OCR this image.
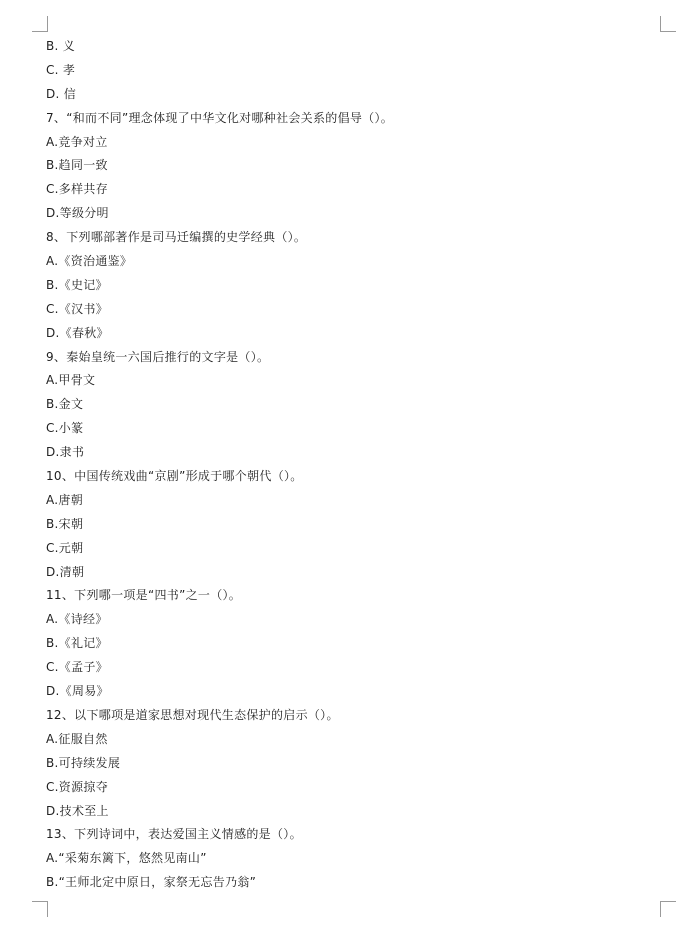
B. 义
C. 孝
D. 信
7、“和而不同”理念体现了中华文化对哪种社会关系的倡导（）。
A.竞争对立
B.趋同一致
C.多样共存
D.等级分明
8、下列哪部著作是司马迁编撰的史学经典（）。
A.《资治通鉴》
B.《史记》
C.《汉书》
D.《春秋》
9、秦始皇统一六国后推行的文字是（）。
A.甲骨文
B.金文
C.小篆
D.隶书
10、中国传统戏曲“京剧”形成于哪个朝代（）。
A.唐朝
B.宋朝
C.元朝
D.清朝
11、下列哪一项是“四书”之一（）。
A.《诗经》
B.《礼记》
C.《孟子》
D.《周易》
12、以下哪项是道家思想对现代生态保护的启示（）。
A.征服自然
B.可持续发展
C.资源掠夺
D.技术至上
13、下列诗词中，表达爱国主义情感的是（）。
A.“采菊东篱下，悠然见南山”
B.“王师北定中原日，家祭无忘告乃翁”
